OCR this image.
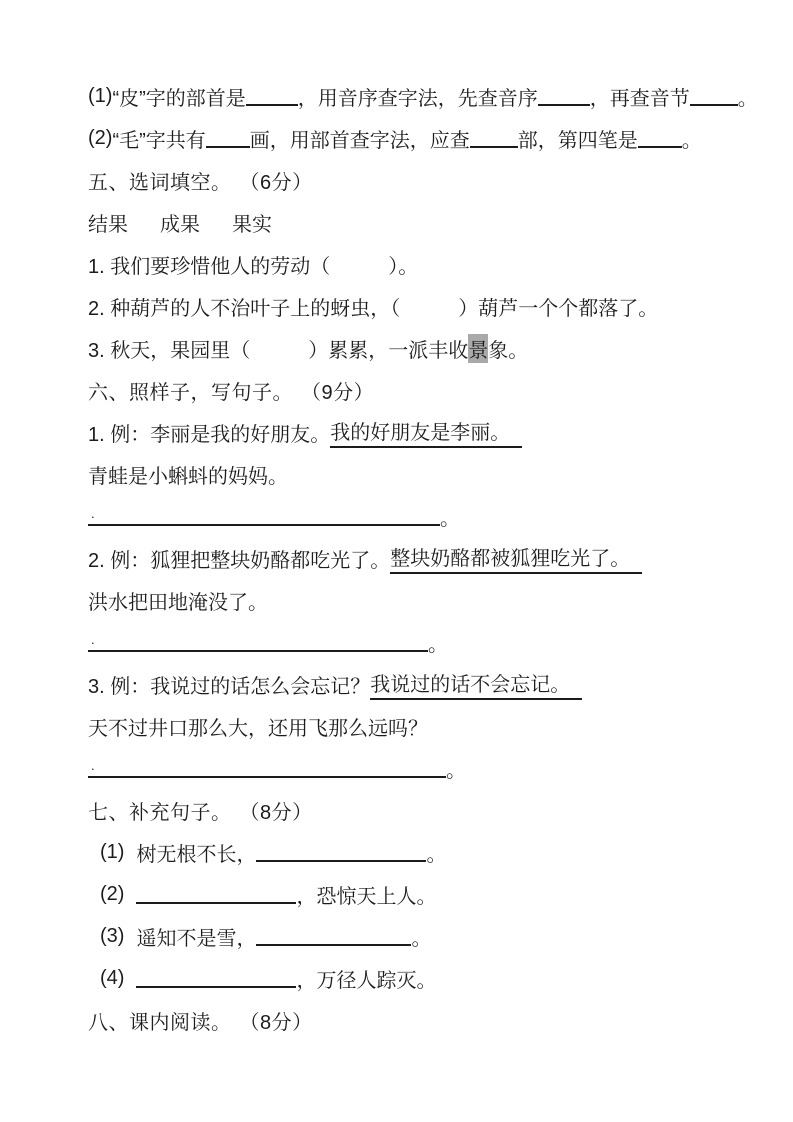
(1) “皮”字的部首是	，用音序查字法，先查音序	，再查音节 。
(2) “毛”字共有 画，用部首查字法，应查 部，第四笔是 。
五、选词填空。 （6分）
结果 成果 果实
1. 我们要珍惜他人的劳动（	）。
2. 种葫芦的人不治叶子上的蚜虫，（	）葫芦一个个都落了。
3. 秋天，果园里（	）累累，一派丰收 景 象。
六、照样子，写句子。 （9分）
1. 例：李丽是我的好朋友。 我的好朋友是李丽。
青蛙是小蝌蚪的妈妈。
.	。
2. 例：狐狸把整块奶酪都吃光了。 整块奶酪都被狐狸吃光了。
洪水把田地淹没了。
.	。
3. 例：我说过的话怎么会忘记？ 我说过的话不会忘记。
天不过井口那么大，还用飞那么远吗？
.	。
七、补充句子。 （8分）
(1) 树无根不长，	。
(2)	，恐惊天上人。
(3) 遥知不是雪，	。
(4)	，万径人踪灭。
八、课内阅读。 （8分）
